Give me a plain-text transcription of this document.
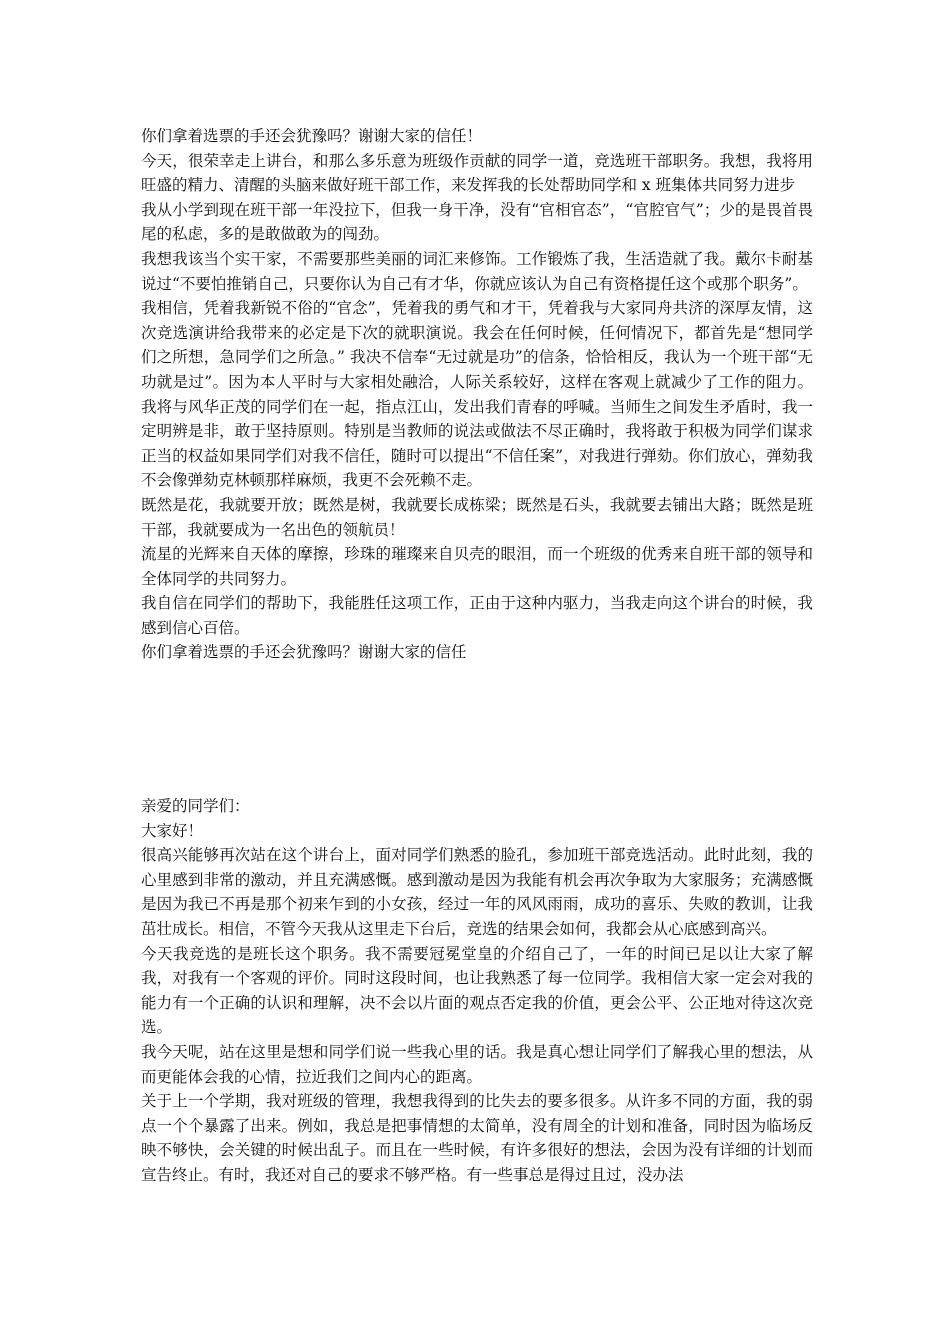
你们拿着选票的手还会犹豫吗？谢谢大家的信任！

今天，很荣幸走上讲台，和那么多乐意为班级作贡献的同学一道，竞选班干部职务。我想，我将用旺盛的精力、清醒的头脑来做好班干部工作，来发挥我的长处帮助同学和 x 班集体共同努力进步

我从小学到现在班干部一年没拉下，但我一身干净，没有“官相官态”，“官腔官气”；少的是畏首畏尾的私虑，多的是敢做敢为的闯劲。

我想我该当个实干家，不需要那些美丽的词汇来修饰。工作锻炼了我，生活造就了我。戴尔卡耐基说过“不要怕推销自己，只要你认为自己有才华，你就应该认为自己有资格提任这个或那个职务”。

我相信，凭着我新锐不俗的“官念”，凭着我的勇气和才干，凭着我与大家同舟共济的深厚友情，这次竞选演讲给我带来的必定是下次的就职演说。我会在任何时候，任何情况下，都首先是“想同学们之所想，急同学们之所急。” 我决不信奉“无过就是功”的信条，恰恰相反，我认为一个班干部“无功就是过”。因为本人平时与大家相处融洽，人际关系较好，这样在客观上就减少了工作的阻力。我将与风华正茂的同学们在一起，指点江山，发出我们青春的呼喊。当师生之间发生矛盾时，我一定明辨是非，敢于坚持原则。特别是当教师的说法或做法不尽正确时，我将敢于积极为同学们谋求正当的权益如果同学们对我不信任，随时可以提出“不信任案”，对我进行弹劾。你们放心，弹劾我不会像弹劾克林顿那样麻烦，我更不会死赖不走。

既然是花，我就要开放；既然是树，我就要长成栋梁；既然是石头，我就要去铺出大路；既然是班干部，我就要成为一名出色的领航员！

流星的光辉来自天体的摩擦，珍珠的璀璨来自贝壳的眼泪，而一个班级的优秀来自班干部的领导和全体同学的共同努力。

我自信在同学们的帮助下，我能胜任这项工作，正由于这种内驱力，当我走向这个讲台的时候，我感到信心百倍。

你们拿着选票的手还会犹豫吗？谢谢大家的信任

亲爱的同学们：

大家好！

很高兴能够再次站在这个讲台上，面对同学们熟悉的脸孔，参加班干部竞选活动。此时此刻，我的心里感到非常的激动，并且充满感慨。感到激动是因为我能有机会再次争取为大家服务；充满感慨是因为我已不再是那个初来乍到的小女孩，经过一年的风风雨雨，成功的喜乐、失败的教训，让我茁壮成长。相信，不管今天我从这里走下台后，竞选的结果会如何，我都会从心底感到高兴。

今天我竞选的是班长这个职务。我不需要冠冕堂皇的介绍自己了，一年的时间已足以让大家了解我，对我有一个客观的评价。同时这段时间，也让我熟悉了每一位同学。我相信大家一定会对我的能力有一个正确的认识和理解，决不会以片面的观点否定我的价值，更会公平、公正地对待这次竞选。

我今天呢，站在这里是想和同学们说一些我心里的话。我是真心想让同学们了解我心里的想法，从而更能体会我的心情，拉近我们之间内心的距离。

关于上一个学期，我对班级的管理，我想我得到的比失去的要多很多。从许多不同的方面，我的弱点一个个暴露了出来。例如，我总是把事情想的太简单，没有周全的计划和准备，同时因为临场反映不够快，会关键的时候出乱子。而且在一些时候，有许多很好的想法，会因为没有详细的计划而宣告终止。有时，我还对自己的要求不够严格。有一些事总是得过且过，没办法
